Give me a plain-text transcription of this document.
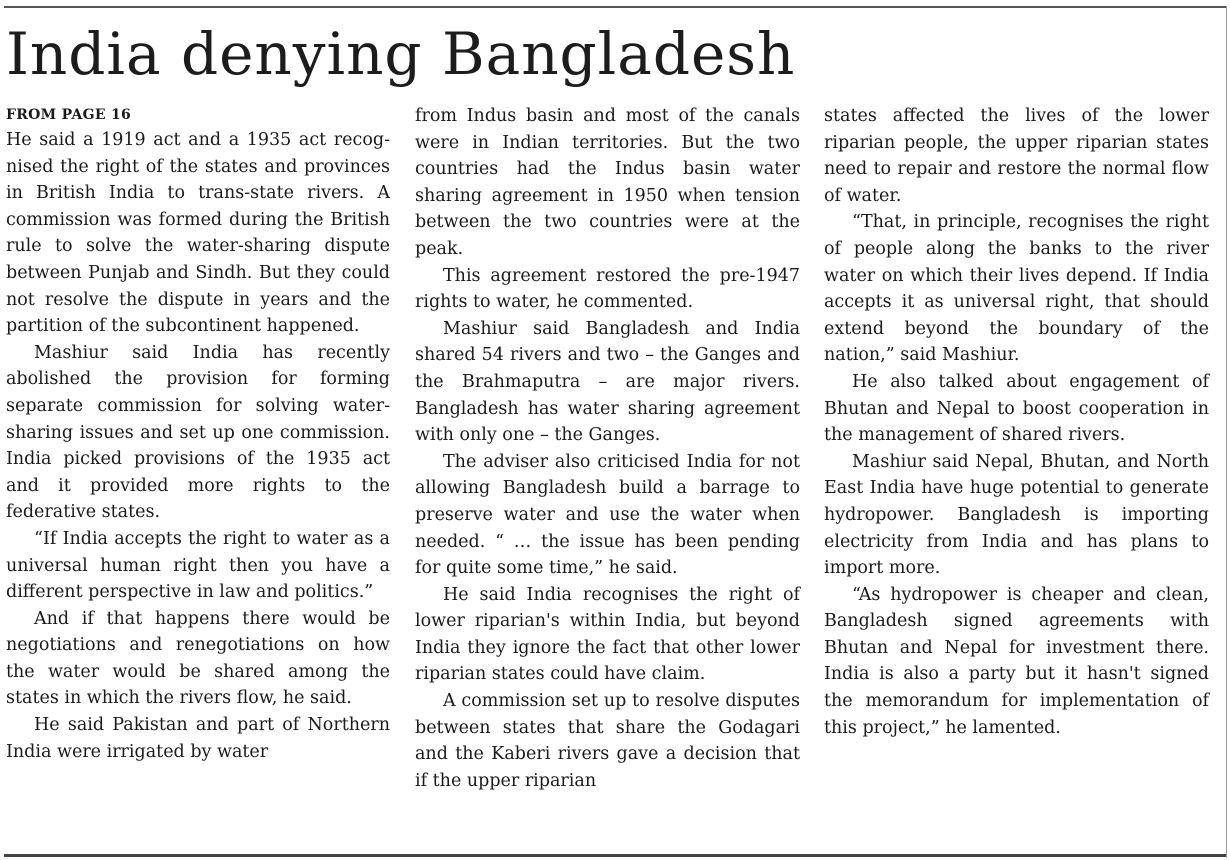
India denying Bangladesh
FROM PAGE 16

He said a 1919 act and a 1935 act recognised the right of the states and provinces in British India to trans-state rivers. A commission was formed during the British rule to solve the water-sharing dispute between Punjab and Sindh. But they could not resolve the dispute in years and the partition of the subcontinent happened.

Mashiur said India has recently abolished the provision for forming separate commission for solving water-sharing issues and set up one commission. India picked provisions of the 1935 act and it provided more rights to the federative states.

“If India accepts the right to water as a universal human right then you have a different perspective in law and politics.”

And if that happens there would be negotiations and renegotiations on how the water would be shared among the states in which the rivers flow, he said.

He said Pakistan and part of Northern India were irrigated by water

from Indus basin and most of the canals were in Indian territories. But the two countries had the Indus basin water sharing agreement in 1950 when tension between the two countries were at the peak.

This agreement restored the pre-1947 rights to water, he commented.

Mashiur said Bangladesh and India shared 54 rivers and two – the Ganges and the Brahmaputra – are major rivers. Bangladesh has water sharing agreement with only one – the Ganges.

The adviser also criticised India for not allowing Bangladesh build a barrage to preserve water and use the water when needed. “ … the issue has been pending for quite some time,” he said.

He said India recognises the right of lower riparian's within India, but beyond India they ignore the fact that other lower riparian states could have claim.

A commission set up to resolve disputes between states that share the Godagari and the Kaberi rivers gave a decision that if the upper riparian

states affected the lives of the lower riparian people, the upper riparian states need to repair and restore the normal flow of water.

“That, in principle, recognises the right of people along the banks to the river water on which their lives depend. If India accepts it as universal right, that should extend beyond the boundary of the nation,” said Mashiur.

He also talked about engagement of Bhutan and Nepal to boost cooperation in the management of shared rivers.

Mashiur said Nepal, Bhutan, and North East India have huge potential to generate hydropower. Bangladesh is importing electricity from India and has plans to import more.

“As hydropower is cheaper and clean, Bangladesh signed agreements with Bhutan and Nepal for investment there. India is also a party but it hasn't signed the memorandum for implementation of this project,” he lamented.
